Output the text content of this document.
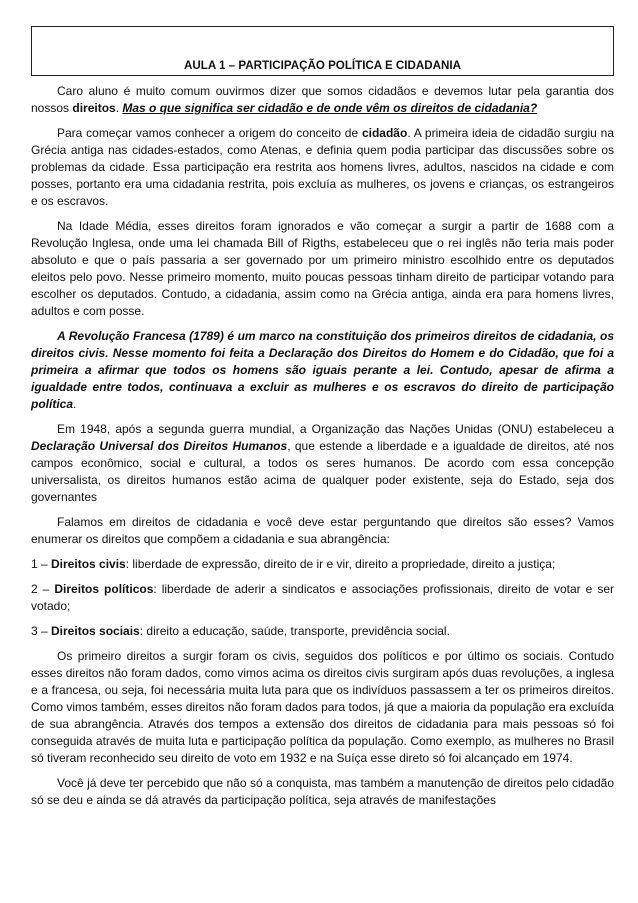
AULA 1 – PARTICIPAÇÃO POLÍTICA E CIDADANIA

Caro aluno é muito comum ouvirmos dizer que somos cidadãos e devemos lutar pela garantia dos nossos direitos. Mas o que significa ser cidadão e de onde vêm os direitos de cidadania?

Para começar vamos conhecer a origem do conceito de cidadão. A primeira ideia de cidadão surgiu na Grécia antiga nas cidades-estados, como Atenas, e definia quem podia participar das discussões sobre os problemas da cidade. Essa participação era restrita aos homens livres, adultos, nascidos na cidade e com posses, portanto era uma cidadania restrita, pois excluía as mulheres, os jovens e crianças, os estrangeiros e os escravos.

Na Idade Média, esses direitos foram ignorados e vão começar a surgir a partir de 1688 com a Revolução Inglesa, onde uma lei chamada Bill of Rigths, estabeleceu que o rei inglês não teria mais poder absoluto e que o país passaria a ser governado por um primeiro ministro escolhido entre os deputados eleitos pelo povo. Nesse primeiro momento, muito poucas pessoas tinham direito de participar votando para escolher os deputados. Contudo, a cidadania, assim como na Grécia antiga, ainda era para homens livres, adultos e com posse.

A Revolução Francesa (1789) é um marco na constituição dos primeiros direitos de cidadania, os direitos civis. Nesse momento foi feita a Declaração dos Direitos do Homem e do Cidadão, que foi a primeira a afirmar que todos os homens são iguais perante a lei. Contudo, apesar de afirma a igualdade entre todos, continuava a excluir as mulheres e os escravos do direito de participação política.

Em 1948, após a segunda guerra mundial, a Organização das Nações Unidas (ONU) estabeleceu a Declaração Universal dos Direitos Humanos, que estende a liberdade e a igualdade de direitos, até nos campos econômico, social e cultural, a todos os seres humanos. De acordo com essa concepção universalista, os direitos humanos estão acima de qualquer poder existente, seja do Estado, seja dos governantes

Falamos em direitos de cidadania e você deve estar perguntando que direitos são esses? Vamos enumerar os direitos que compõem a cidadania e sua abrangência:

1 – Direitos civis: liberdade de expressão, direito de ir e vir, direito a propriedade, direito a justiça;

2 – Direitos políticos: liberdade de aderir a sindicatos e associações profissionais, direito de votar e ser votado;

3 – Direitos sociais: direito a educação, saúde, transporte, previdência social.

Os primeiro direitos a surgir foram os civis, seguidos dos políticos e por último os sociais. Contudo esses direitos não foram dados, como vimos acima os direitos civis surgiram após duas revoluções, a inglesa e a francesa, ou seja, foi necessária muita luta para que os indivíduos passassem a ter os primeiros direitos. Como vimos também, esses direitos não foram dados para todos, já que a maioria da população era excluída de sua abrangência. Através dos tempos a extensão dos direitos de cidadania para mais pessoas só foi conseguida através de muita luta e participação política da população. Como exemplo, as mulheres no Brasil só tiveram reconhecido seu direito de voto em 1932 e na Suíça esse direto só foi alcançado em 1974.

Você já deve ter percebido que não só a conquista, mas também a manutenção de direitos pelo cidadão só se deu e ainda se dá através da participação política, seja através de manifestações
